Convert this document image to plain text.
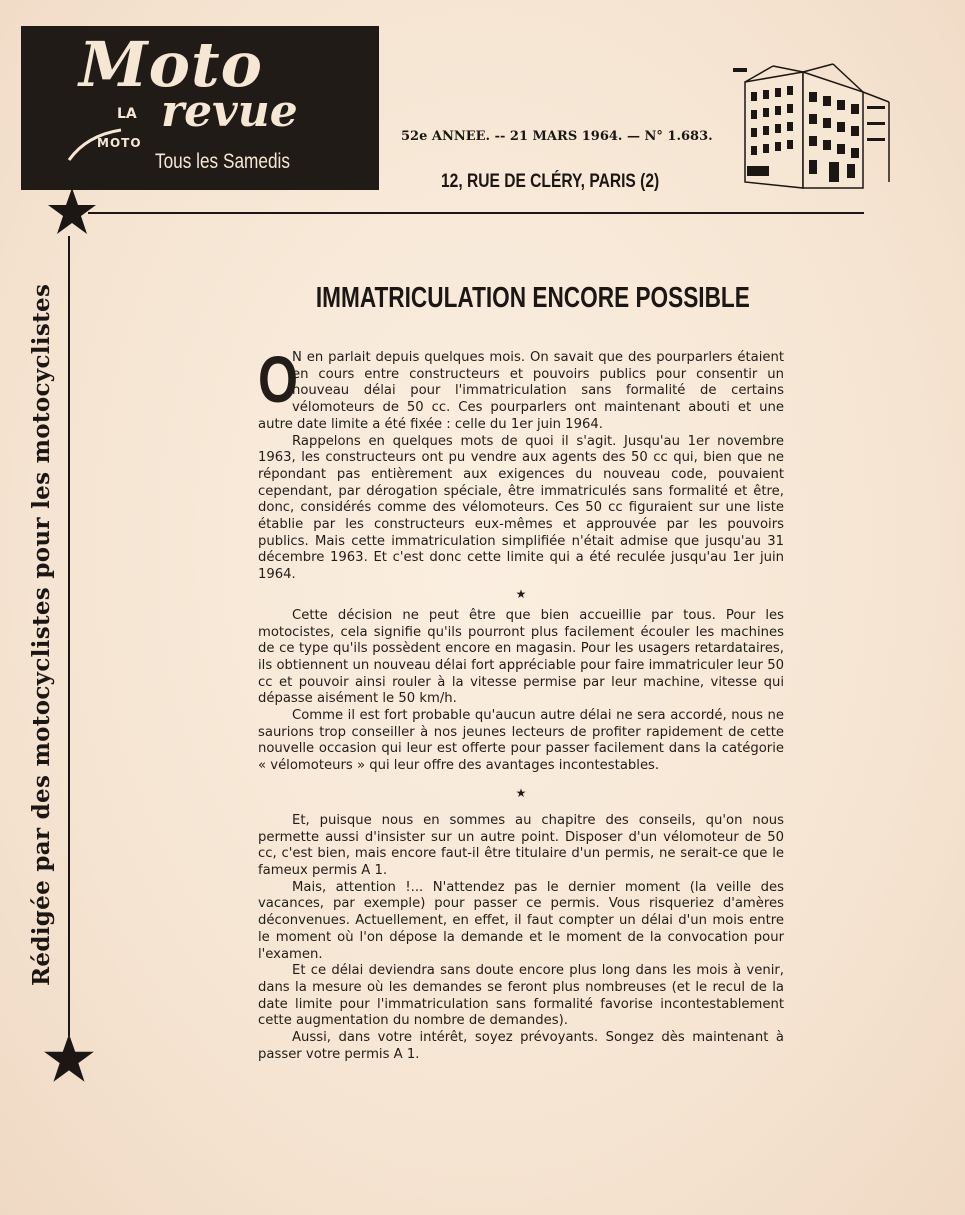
Moto
LA
MOTO
revue
Tous les Samedis
52e ANNEE. -- 21 MARS 1964. — N° 1.683.
12, RUE DE CLÉRY, PARIS (2)
Rédigée par des motocyclistes pour les motocyclistes	IMMATRICULATION ENCORE POSSIBLE

O
N en parlait depuis quelques mois. On savait que des pourparlers étaient en cours entre constructeurs et pouvoirs publics pour consentir un nouveau délai pour l'immatriculation sans formalité de certains vélomoteurs de 50 cc. Ces pourparlers ont maintenant abouti et une autre date limite a été fixée : celle du 1er juin 1964.

Rappelons en quelques mots de quoi il s'agit. Jusqu'au 1er novembre 1963, les constructeurs ont pu vendre aux agents des 50 cc qui, bien que ne répondant pas entièrement aux exigences du nouveau code, pouvaient cependant, par dérogation spéciale, être immatriculés sans formalité et être, donc, considérés comme des vélomoteurs. Ces 50 cc figuraient sur une liste établie par les constructeurs eux-mêmes et approuvée par les pouvoirs publics. Mais cette immatriculation simplifiée n'était admise que jusqu'au 31 décembre 1963. Et c'est donc cette limite qui a été reculée jusqu'au 1er juin 1964.

★

Cette décision ne peut être que bien accueillie par tous. Pour les motocistes, cela signifie qu'ils pourront plus facilement écouler les machines de ce type qu'ils possèdent encore en magasin. Pour les usagers retardataires, ils obtiennent un nouveau délai fort appréciable pour faire immatriculer leur 50 cc et pouvoir ainsi rouler à la vitesse permise par leur machine, vitesse qui dépasse aisément le 50 km/h.

Comme il est fort probable qu'aucun autre délai ne sera accordé, nous ne saurions trop conseiller à nos jeunes lecteurs de profiter rapidement de cette nouvelle occasion qui leur est offerte pour passer facilement dans la catégorie « vélomoteurs » qui leur offre des avantages incontestables.

★

Et, puisque nous en sommes au chapitre des conseils, qu'on nous permette aussi d'insister sur un autre point. Disposer d'un vélomoteur de 50 cc, c'est bien, mais encore faut-il être titulaire d'un permis, ne serait-ce que le fameux permis A 1.

Mais, attention !... N'attendez pas le dernier moment (la veille des vacances, par exemple) pour passer ce permis. Vous risqueriez d'amères déconvenues. Actuellement, en effet, il faut compter un délai d'un mois entre le moment où l'on dépose la demande et le moment de la convocation pour l'examen.

Et ce délai deviendra sans doute encore plus long dans les mois à venir, dans la mesure où les demandes se feront plus nombreuses (et le recul de la date limite pour l'immatriculation sans formalité favorise incontestablement cette augmentation du nombre de demandes).

Aussi, dans votre intérêt, soyez prévoyants. Songez dès maintenant à passer votre permis A 1.
